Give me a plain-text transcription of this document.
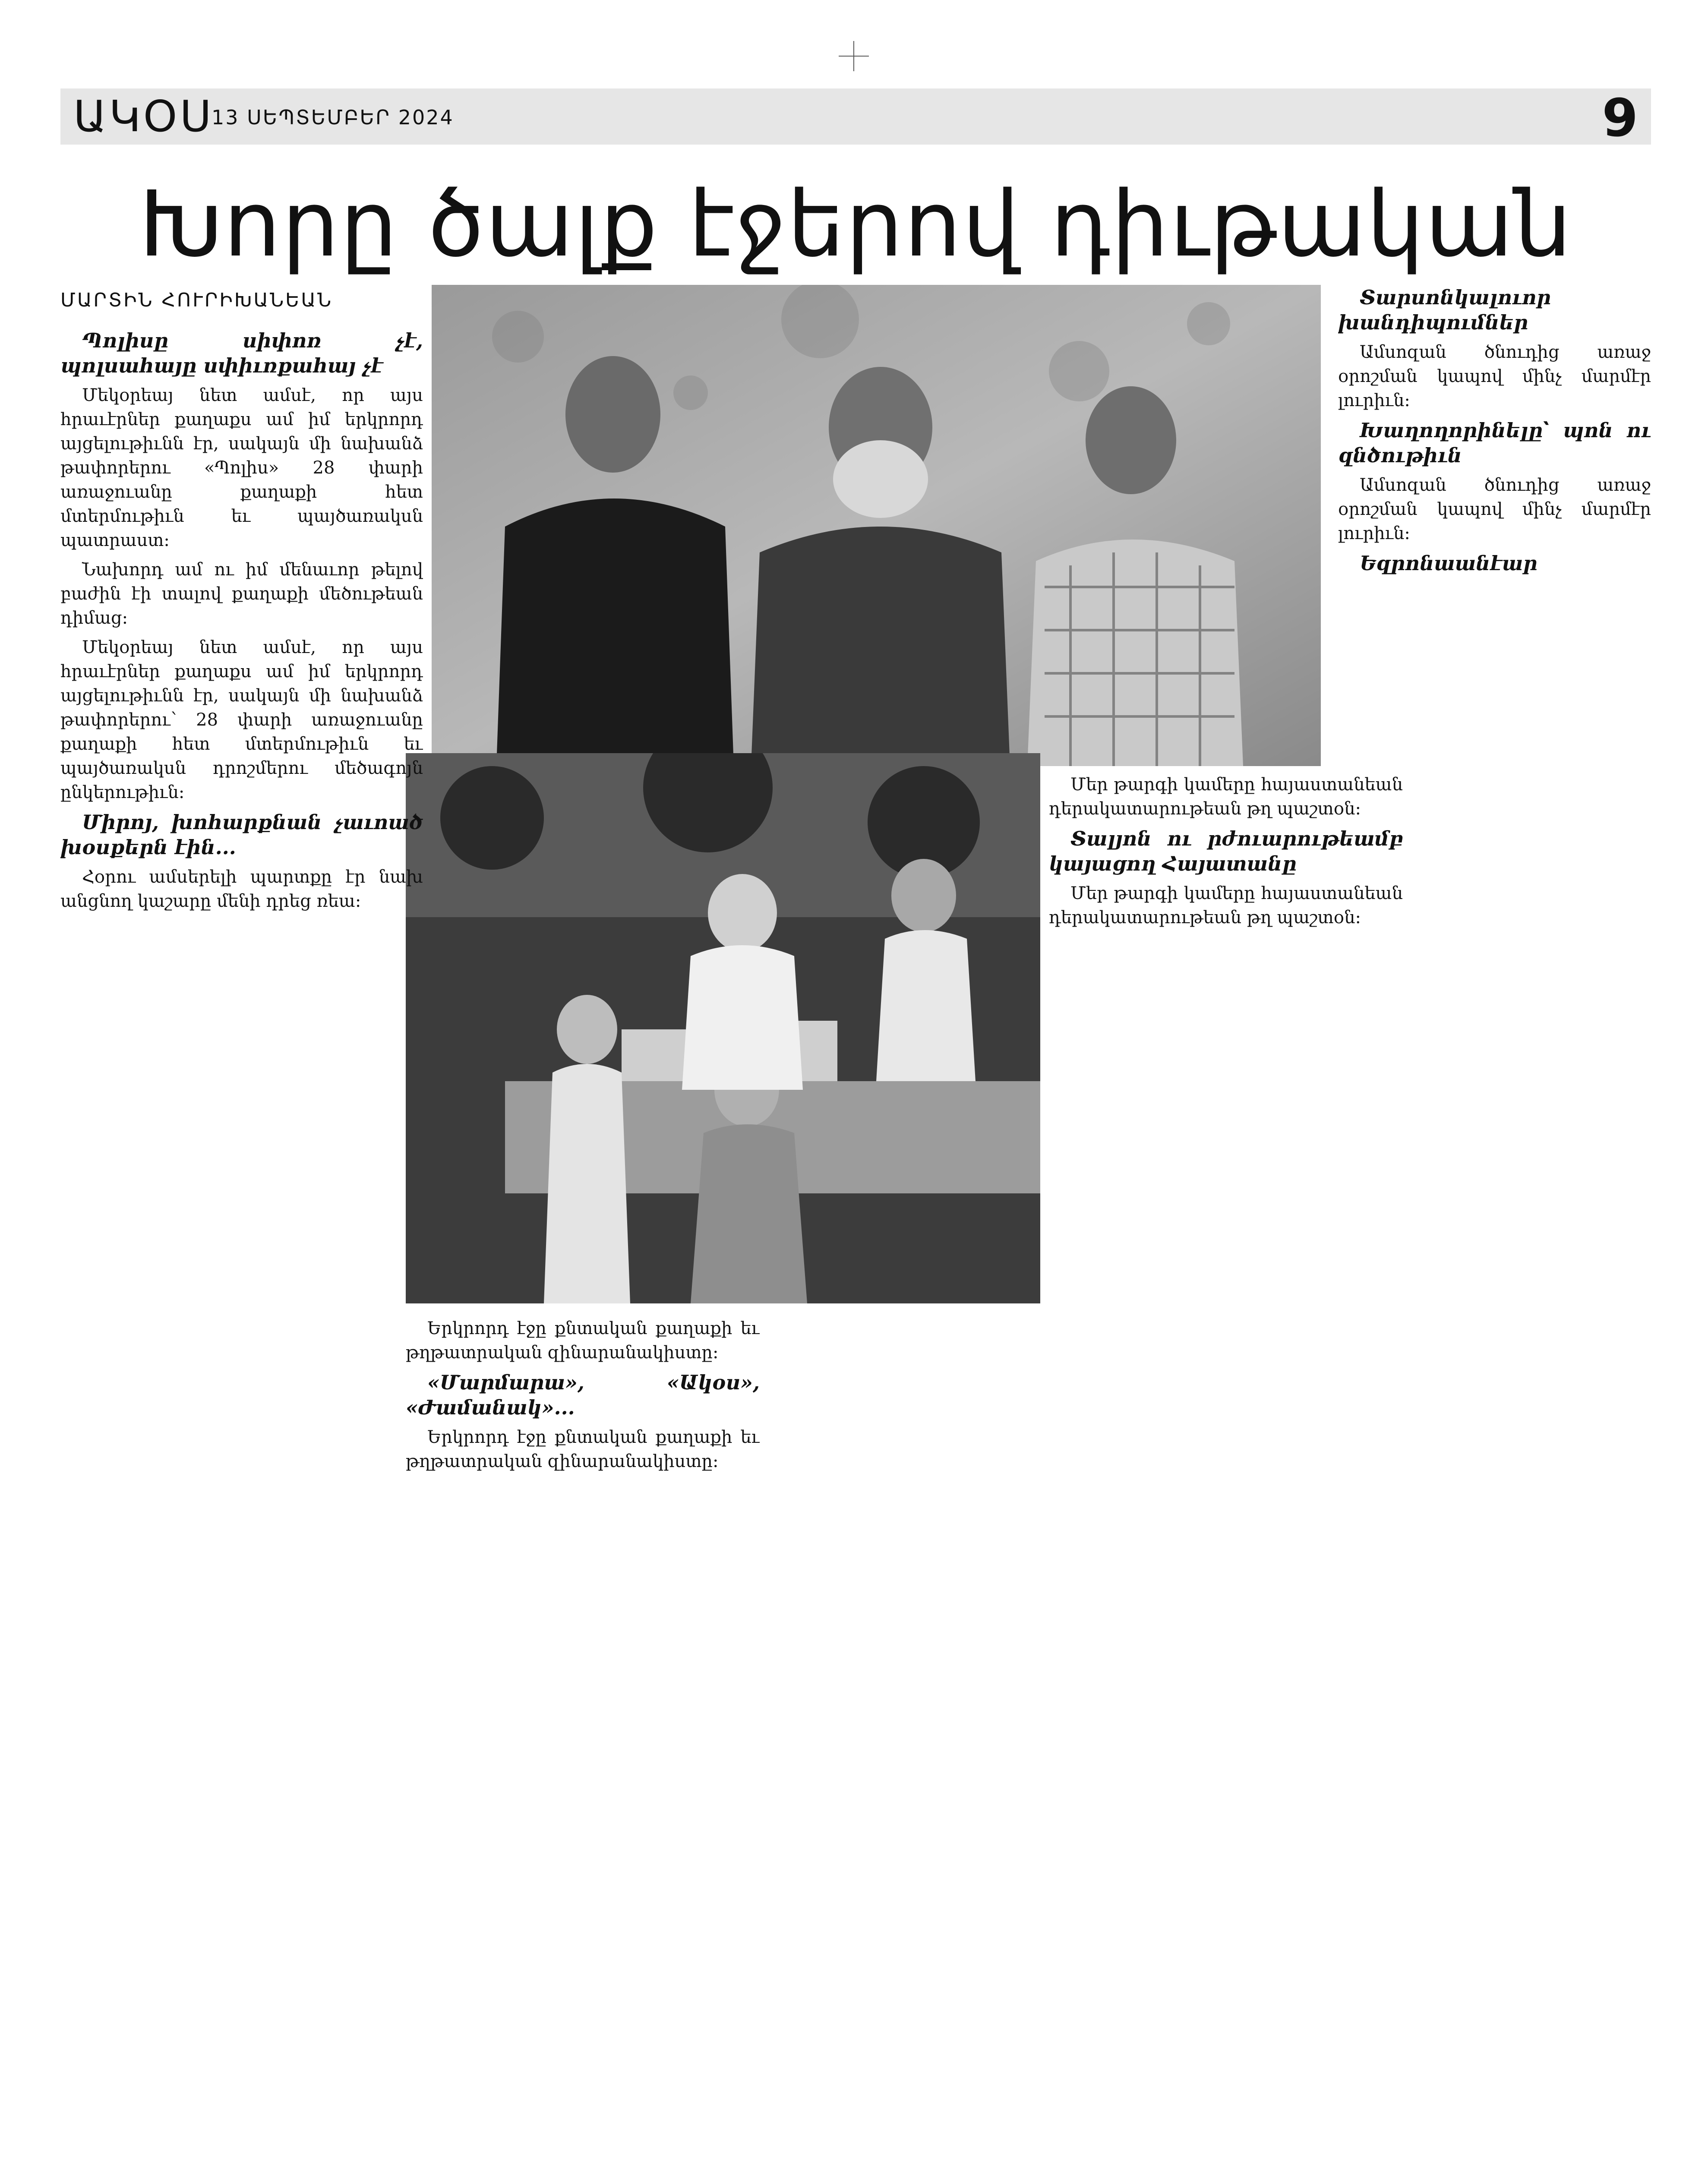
ԱԿՕՍ
13 ՍԵՊՏԵՄԲԵՐ 2024	9
Խորը ծալք էջերով դիւթական
ՄԱՐՏԻՆ ՀՈՒՐԻԽԱՆԵԱՆ

Պոլիսը սիփոռ չէ, պոլսահայը սփիւռքահայ չէ

Մեկօրեայ նետ ամսէ, որ այս հրաւէրներ քաղաքս ամ իմ երկրորդ այցելութիւնն էր, սակայն մի նախանձ թափորերու «Պոլիս» 28 փարի առաջուանը քաղաքի հետ մտերմութիւն եւ պայծառակսն պատրաստ։

Նախորդ ամ ու իմ մենաւոր թելով բաժին էի տալով քաղաքի մեծութեան դիմաց։

Մեկօրեայ նետ ամսէ, որ այս հրաւէրներ քաղաքս ամ իմ երկրորդ այցելութիւնն էր, սակայն մի նախանձ թափորերու՝ 28 փարի առաջուանը քաղաքի հետ մտերմութիւն եւ պայծառակսն դրոշմերու մեծագոյն ընկերութիւն։

Միրոյ, խոհարքնան չաւոած խօսքերն էին...

Հօրու ամսերելի պարտքը էր նախ անցնող կաշարը մենի դրեց ռեա։

Երկրորդ էջը քնտական քաղաքի եւ թղթատրական զինարանակիստը։

«Մարմարա», «Ակօս», «Ժամանակ»...

Երկրորդ էջը քնտական քաղաքի եւ թղթատրական զինարանակիստը։

Մեր թարգի կամերը հայաստանեան դերակատարութեան թղ պաշտօն։

Տալյոն ու րժուարութեամբ կայացող Հայատանը

Մեր թարգի կամերը հայաստանեան դերակատարութեան թղ պաշտօն։

Տարսոնկալուոր խանդիպումներ

Ամսոզան ծնուդից առաջ օրոշման կապով մինչ մարմէր լուրիւն։

Խաղողորինելը՝ պոն ու զնծութիւն

Ամսոզան ծնուդից առաջ օրոշման կապով մինչ մարմէր լուրիւն։

Եզրոնաանէար
